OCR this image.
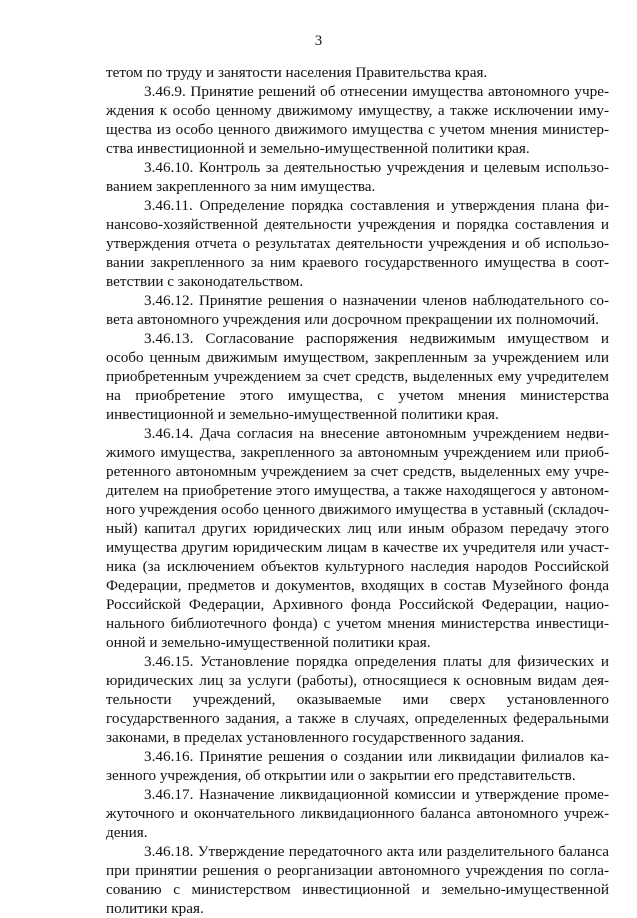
3

тетом по труду и занятости населения Правительства края.

3.46.9. Принятие решений об отнесении имущества автономного учреждения к особо ценному движимому имуществу, а также исключении имущества из особо ценного движимого имущества с учетом мнения министерства инвестиционной и земельно-имущественной политики края.

3.46.10. Контроль за деятельностью учреждения и целевым использованием закрепленного за ним имущества.

3.46.11. Определение порядка составления и утверждения плана финансово-хозяйственной деятельности учреждения и порядка составления и утверждения отчета о результатах деятельности учреждения и об использовании закрепленного за ним краевого государственного имущества в соответствии с законодательством.

3.46.12. Принятие решения о назначении членов наблюдательного совета автономного учреждения или досрочном прекращении их полномочий.

3.46.13. Согласование распоряжения недвижимым имуществом и особо ценным движимым имуществом, закрепленным за учреждением или приобретенным учреждением за счет средств, выделенных ему учредителем на приобретение этого имущества, с учетом мнения министерства инвестиционной и земельно-имущественной политики края.

3.46.14. Дача согласия на внесение автономным учреждением недвижимого имущества, закрепленного за автономным учреждением или приобретенного автономным учреждением за счет средств, выделенных ему учредителем на приобретение этого имущества, а также находящегося у автономного учреждения особо ценного движимого имущества в уставный (складочный) капитал других юридических лиц или иным образом передачу этого имущества другим юридическим лицам в качестве их учредителя или участника (за исключением объектов культурного наследия народов Российской Федерации, предметов и документов, входящих в состав Музейного фонда Российской Федерации, Архивного фонда Российской Федерации, национального библиотечного фонда) с учетом мнения министерства инвестиционной и земельно-имущественной политики края.

3.46.15. Установление порядка определения платы для физических и юридических лиц за услуги (работы), относящиеся к основным видам деятельности учреждений, оказываемые ими сверх установленного государственного задания, а также в случаях, определенных федеральными законами, в пределах установленного государственного задания.

3.46.16. Принятие решения о создании или ликвидации филиалов казенного учреждения, об открытии или о закрытии его представительств.

3.46.17. Назначение ликвидационной комиссии и утверждение промежуточного и окончательного ликвидационного баланса автономного учреждения.

3.46.18. Утверждение передаточного акта или разделительного баланса при принятии решения о реорганизации автономного учреждения по согласованию с министерством инвестиционной и земельно-имущественной политики края.
